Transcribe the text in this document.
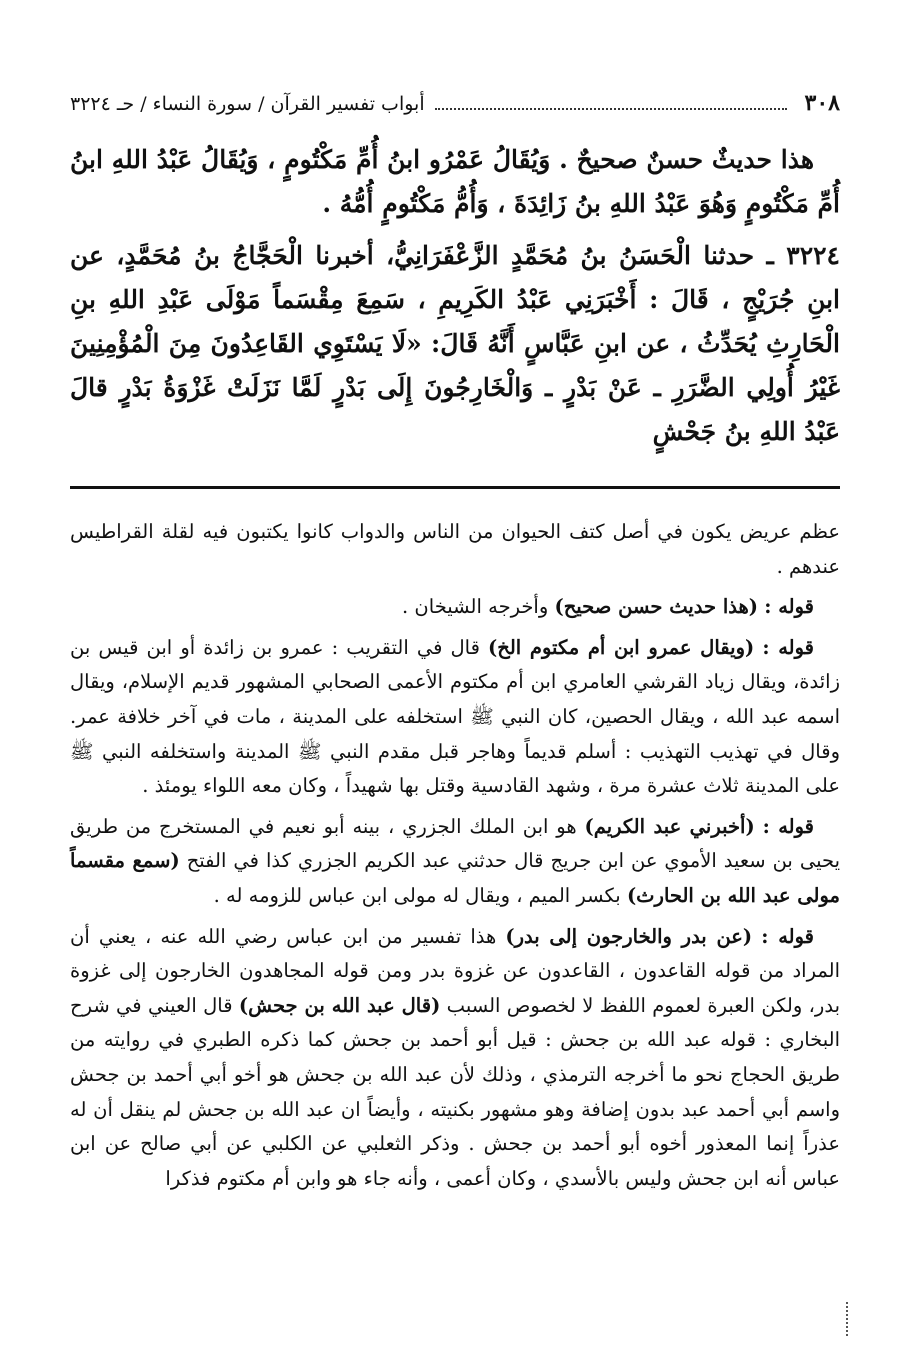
٣٠٨
أبواب تفسير القرآن / سورة النساء / حـ ٣٢٢٤

هذا حديثٌ حسنٌ صحيحٌ . وَيُقَالُ عَمْرُو ابنُ أُمِّ مَكْتُومٍ ، وَيُقَالُ عَبْدُ اللهِ ابنُ أُمِّ مَكْتُومٍ وَهُوَ عَبْدُ اللهِ بنُ زَائِدَةَ ، وَأُمُّ مَكْتُومٍ أُمُّهُ .

٣٢٢٤ ـ حدثنا الْحَسَنُ بنُ مُحَمَّدٍ الزَّعْفَرَانِيُّ، أخبرنا الْحَجَّاجُ بنُ مُحَمَّدٍ، عن ابنِ جُرَيْجٍ ، قَالَ : أَخْبَرَنِي عَبْدُ الكَرِيمِ ، سَمِعَ مِقْسَماً مَوْلَى عَبْدِ اللهِ بنِ الْحَارِثِ يُحَدِّثُ ، عن ابنِ عَبَّاسٍ أَنَّهُ قَالَ: «لَا يَسْتَوِي القَاعِدُونَ مِنَ الْمُؤْمِنِينَ غَيْرُ أُولِي الضَّرَرِ ـ عَنْ بَدْرٍ ـ وَالْخَارِجُونَ إِلَى بَدْرٍ لَمَّا نَزَلَتْ غَزْوَةُ بَدْرٍ قالَ عَبْدُ اللهِ بنُ جَحْشٍ

عظم عريض يكون في أصل كتف الحيوان من الناس والدواب كانوا يكتبون فيه لقلة القراطيس عندهم .

قوله : (هذا حديث حسن صحيح) وأخرجه الشيخان .

قوله : (ويقال عمرو ابن أم مكتوم الخ) قال في التقريب : عمرو بن زائدة أو ابن قيس بن زائدة، ويقال زياد القرشي العامري ابن أم مكتوم الأعمى الصحابي المشهور قديم الإسلام، ويقال اسمه عبد الله ، ويقال الحصين، كان النبي ﷺ استخلفه على المدينة ، مات في آخر خلافة عمر. وقال في تهذيب التهذيب : أسلم قديماً وهاجر قبل مقدم النبي ﷺ المدينة واستخلفه النبي ﷺ على المدينة ثلاث عشرة مرة ، وشهد القادسية وقتل بها شهيداً ، وكان معه اللواء يومئذ .

قوله : (أخبرني عبد الكريم) هو ابن الملك الجزري ، بينه أبو نعيم في المستخرج من طريق يحيى بن سعيد الأموي عن ابن جريج قال حدثني عبد الكريم الجزري كذا في الفتح (سمع مقسماً مولى عبد الله بن الحارث) بكسر الميم ، ويقال له مولى ابن عباس للزومه له .

قوله : (عن بدر والخارجون إلى بدر) هذا تفسير من ابن عباس رضي الله عنه ، يعني أن المراد من قوله القاعدون ، القاعدون عن غزوة بدر ومن قوله المجاهدون الخارجون إلى غزوة بدر، ولكن العبرة لعموم اللفظ لا لخصوص السبب (قال عبد الله بن جحش) قال العيني في شرح البخاري : قوله عبد الله بن جحش : قيل أبو أحمد بن جحش كما ذكره الطبري في روايته من طريق الحجاج نحو ما أخرجه الترمذي ، وذلك لأن عبد الله بن جحش هو أخو أبي أحمد بن جحش واسم أبي أحمد عبد بدون إضافة وهو مشهور بكنيته ، وأيضاً ان عبد الله بن جحش لم ينقل أن له عذراً إنما المعذور أخوه أبو أحمد بن جحش . وذكر الثعلبي عن الكلبي عن أبي صالح عن ابن عباس أنه ابن جحش وليس بالأسدي ، وكان أعمى ، وأنه جاء هو وابن أم مكتوم فذكرا
